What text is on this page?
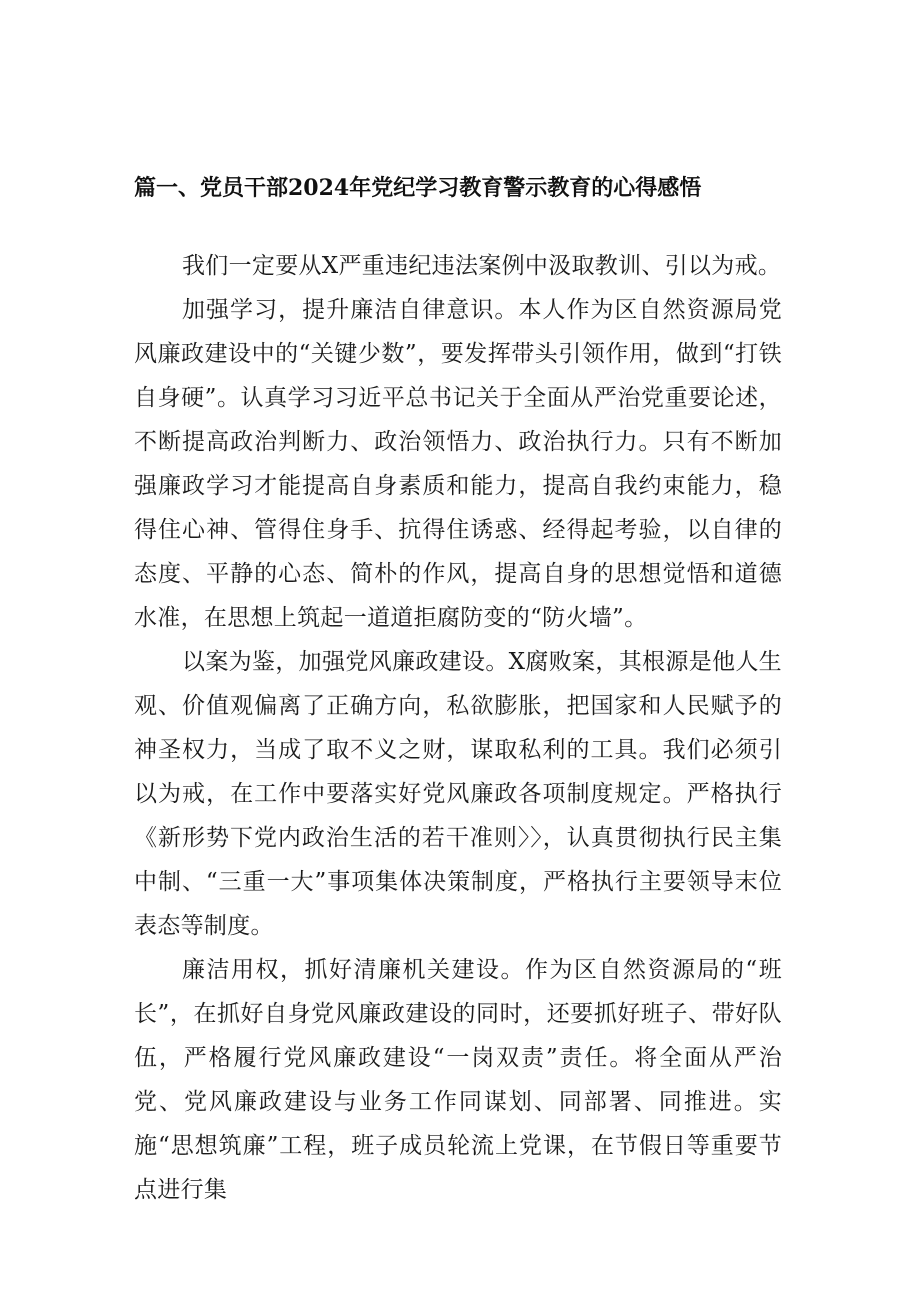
篇一、党员干部2024年党纪学习教育警示教育的心得感悟

我们一定要从X严重违纪违法案例中汲取教训、引以为戒。

加强学习，提升廉洁自律意识。本人作为区自然资源局党风廉政建设中的“关键少数”，要发挥带头引领作用，做到“打铁自身硬”。认真学习习近平总书记关于全面从严治党重要论述，不断提高政治判断力、政治领悟力、政治执行力。只有不断加强廉政学习才能提高自身素质和能力，提高自我约束能力，稳得住心神、管得住身手、抗得住诱惑、经得起考验，以自律的态度、平静的心态、简朴的作风，提高自身的思想觉悟和道德水准，在思想上筑起一道道拒腐防变的“防火墙”。

以案为鉴，加强党风廉政建设。X腐败案，其根源是他人生观、价值观偏离了正确方向，私欲膨胀，把国家和人民赋予的神圣权力，当成了取不义之财，谋取私利的工具。我们必须引以为戒，在工作中要落实好党风廉政各项制度规定。严格执行《新形势下党内政治生活的若干准则〉〉，认真贯彻执行民主集中制、“三重一大”事项集体决策制度，严格执行主要领导末位表态等制度。

廉洁用权，抓好清廉机关建设。作为区自然资源局的“班长”，在抓好自身党风廉政建设的同时，还要抓好班子、带好队伍，严格履行党风廉政建设“一岗双责”责任。将全面从严治党、党风廉政建设与业务工作同谋划、同部署、同推进。实施“思想筑廉”工程，班子成员轮流上党课，在节假日等重要节点进行集
